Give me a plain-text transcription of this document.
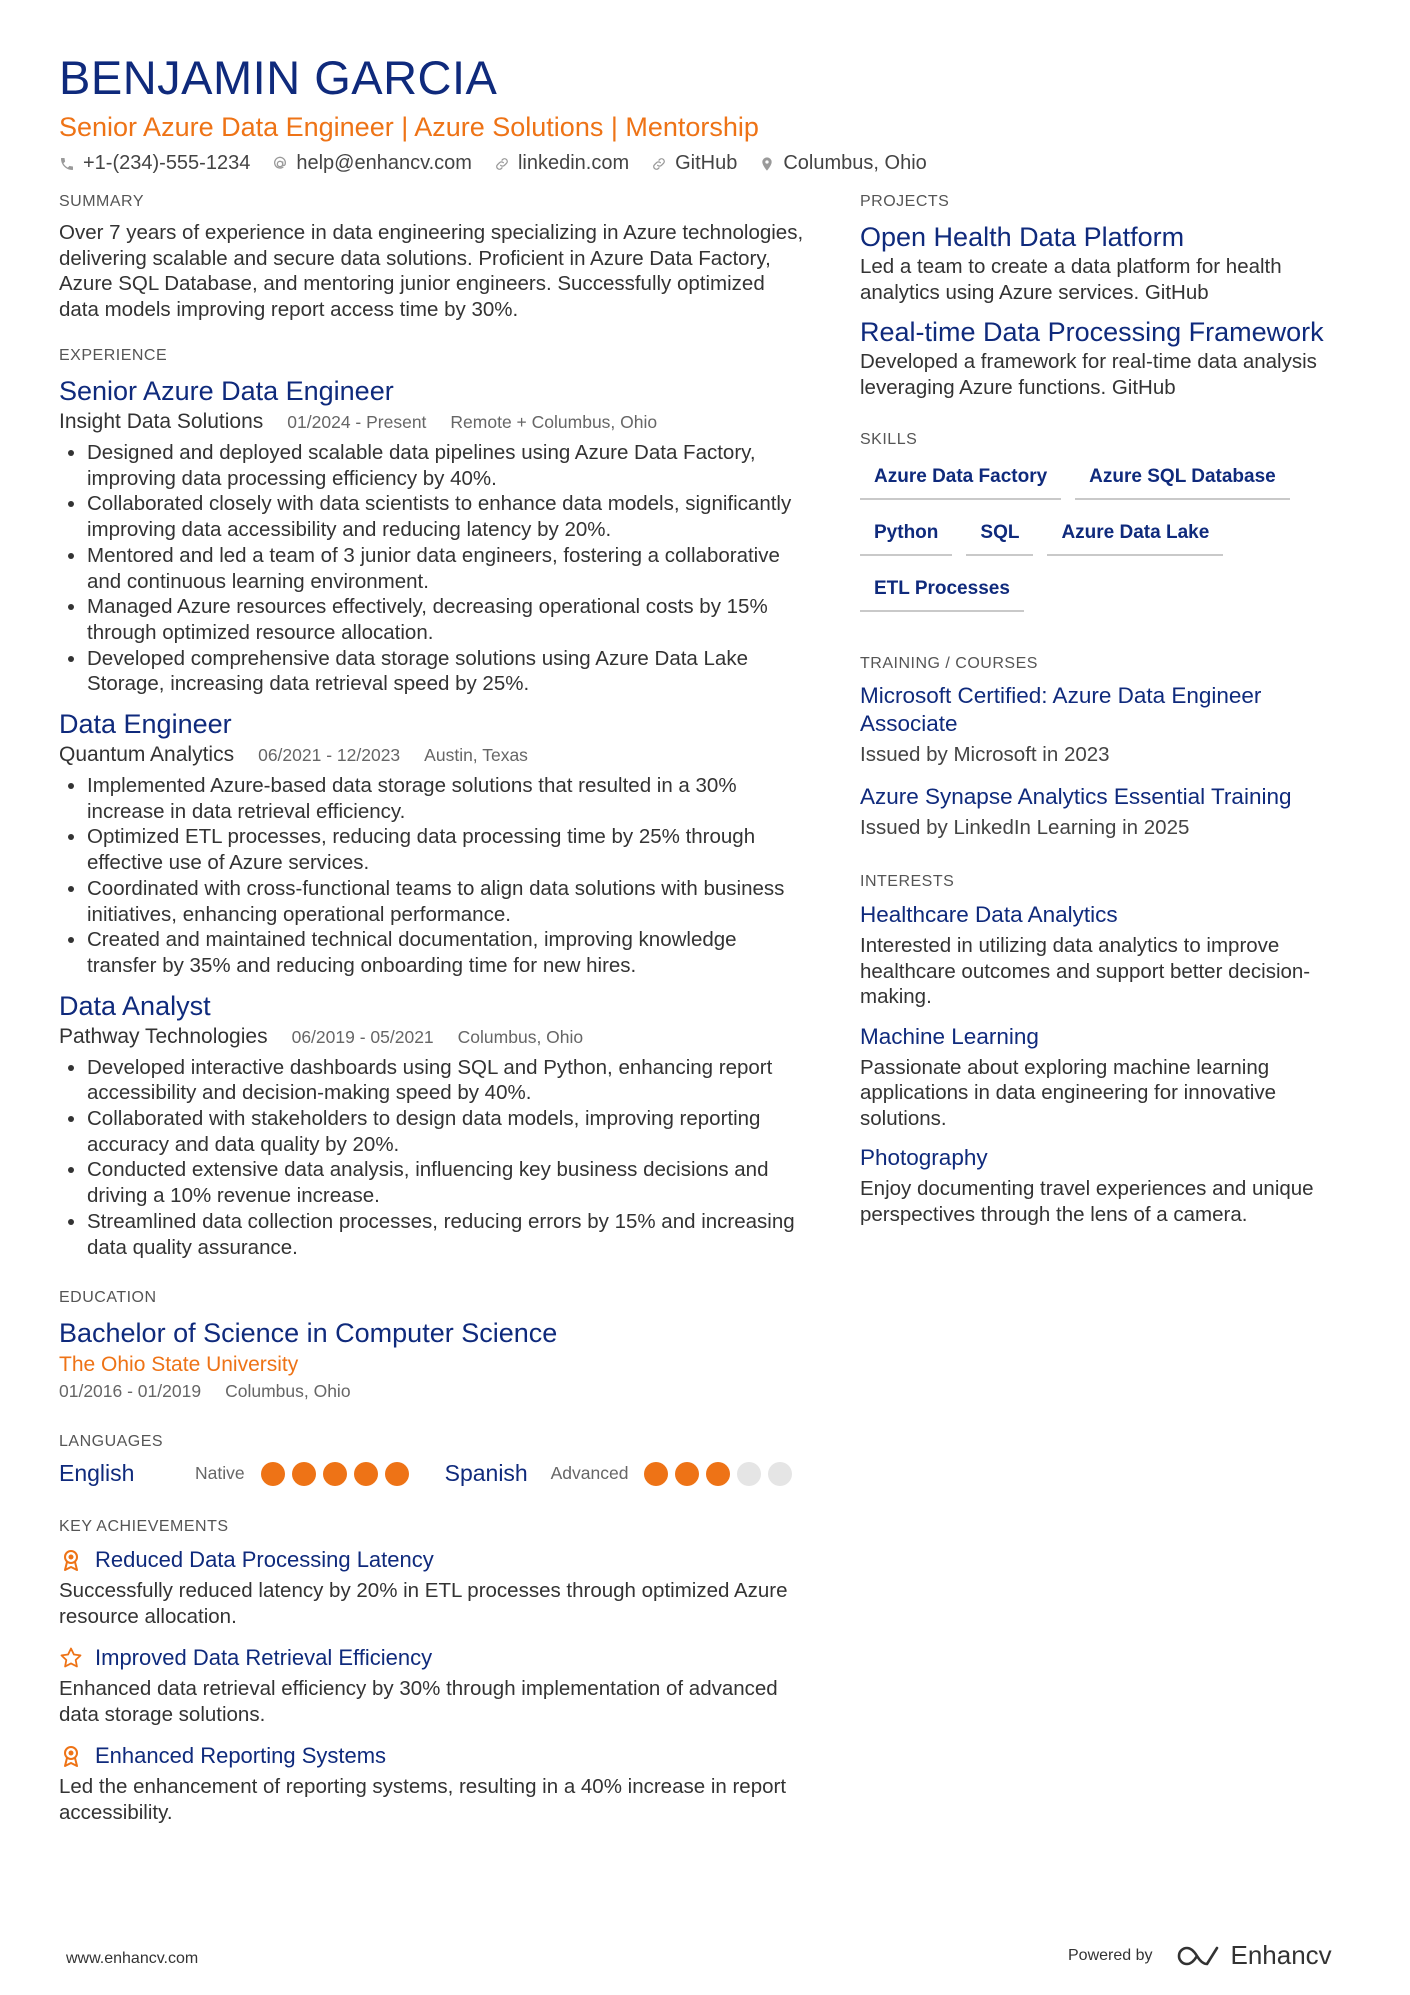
BENJAMIN GARCIA
Senior Azure Data Engineer | Azure Solutions | Mentorship
+1-(234)-555-1234 help@enhancv.com linkedin.com GitHub Columbus, Ohio
SUMMARY

Over 7 years of experience in data engineering specializing in Azure technologies, delivering scalable and secure data solutions. Proficient in Azure Data Factory, Azure SQL Database, and mentoring junior engineers. Successfully optimized data models improving report access time by 30%.

EXPERIENCE
Senior Azure Data Engineer
Insight Data Solutions 01/2024 - Present Remote + Columbus, Ohio
• Designed and deployed scalable data pipelines using Azure Data Factory, improving data processing efficiency by 40%.
• Collaborated closely with data scientists to enhance data models, significantly improving data accessibility and reducing latency by 20%.
• Mentored and led a team of 3 junior data engineers, fostering a collaborative and continuous learning environment.
• Managed Azure resources effectively, decreasing operational costs by 15% through optimized resource allocation.
• Developed comprehensive data storage solutions using Azure Data Lake Storage, increasing data retrieval speed by 25%.
Data Engineer
Quantum Analytics 06/2021 - 12/2023 Austin, Texas
• Implemented Azure-based data storage solutions that resulted in a 30% increase in data retrieval efficiency.
• Optimized ETL processes, reducing data processing time by 25% through effective use of Azure services.
• Coordinated with cross-functional teams to align data solutions with business initiatives, enhancing operational performance.
• Created and maintained technical documentation, improving knowledge transfer by 35% and reducing onboarding time for new hires.
Data Analyst
Pathway Technologies 06/2019 - 05/2021 Columbus, Ohio
• Developed interactive dashboards using SQL and Python, enhancing report accessibility and decision-making speed by 40%.
• Collaborated with stakeholders to design data models, improving reporting accuracy and data quality by 20%.
• Conducted extensive data analysis, influencing key business decisions and driving a 10% revenue increase.
• Streamlined data collection processes, reducing errors by 15% and increasing data quality assurance.
EDUCATION
Bachelor of Science in Computer Science
The Ohio State University
01/2016 - 01/2019 Columbus, Ohio
LANGUAGES
English	Native	Spanish	Advanced
KEY ACHIEVEMENTS
Reduced Data Processing Latency

Successfully reduced latency by 20% in ETL processes through optimized Azure resource allocation.

Improved Data Retrieval Efficiency

Enhanced data retrieval efficiency by 30% through implementation of advanced data storage solutions.

Enhanced Reporting Systems

Led the enhancement of reporting systems, resulting in a 40% increase in report accessibility.

PROJECTS
Open Health Data Platform

Led a team to create a data platform for health analytics using Azure services. GitHub

Real-time Data Processing Framework

Developed a framework for real-time data analysis leveraging Azure functions. GitHub

SKILLS
Azure Data Factory	Azure SQL Database
Python	SQL	Azure Data Lake
ETL Processes
TRAINING / COURSES
Microsoft Certified: Azure Data Engineer Associate
Issued by Microsoft in 2023
Azure Synapse Analytics Essential Training
Issued by LinkedIn Learning in 2025
INTERESTS
Healthcare Data Analytics

Interested in utilizing data analytics to improve healthcare outcomes and support better decision-making.

Machine Learning

Passionate about exploring machine learning applications in data engineering for innovative solutions.

Photography

Enjoy documenting travel experiences and unique perspectives through the lens of a camera.

www.enhancv.com	Powered by	Enhancv
